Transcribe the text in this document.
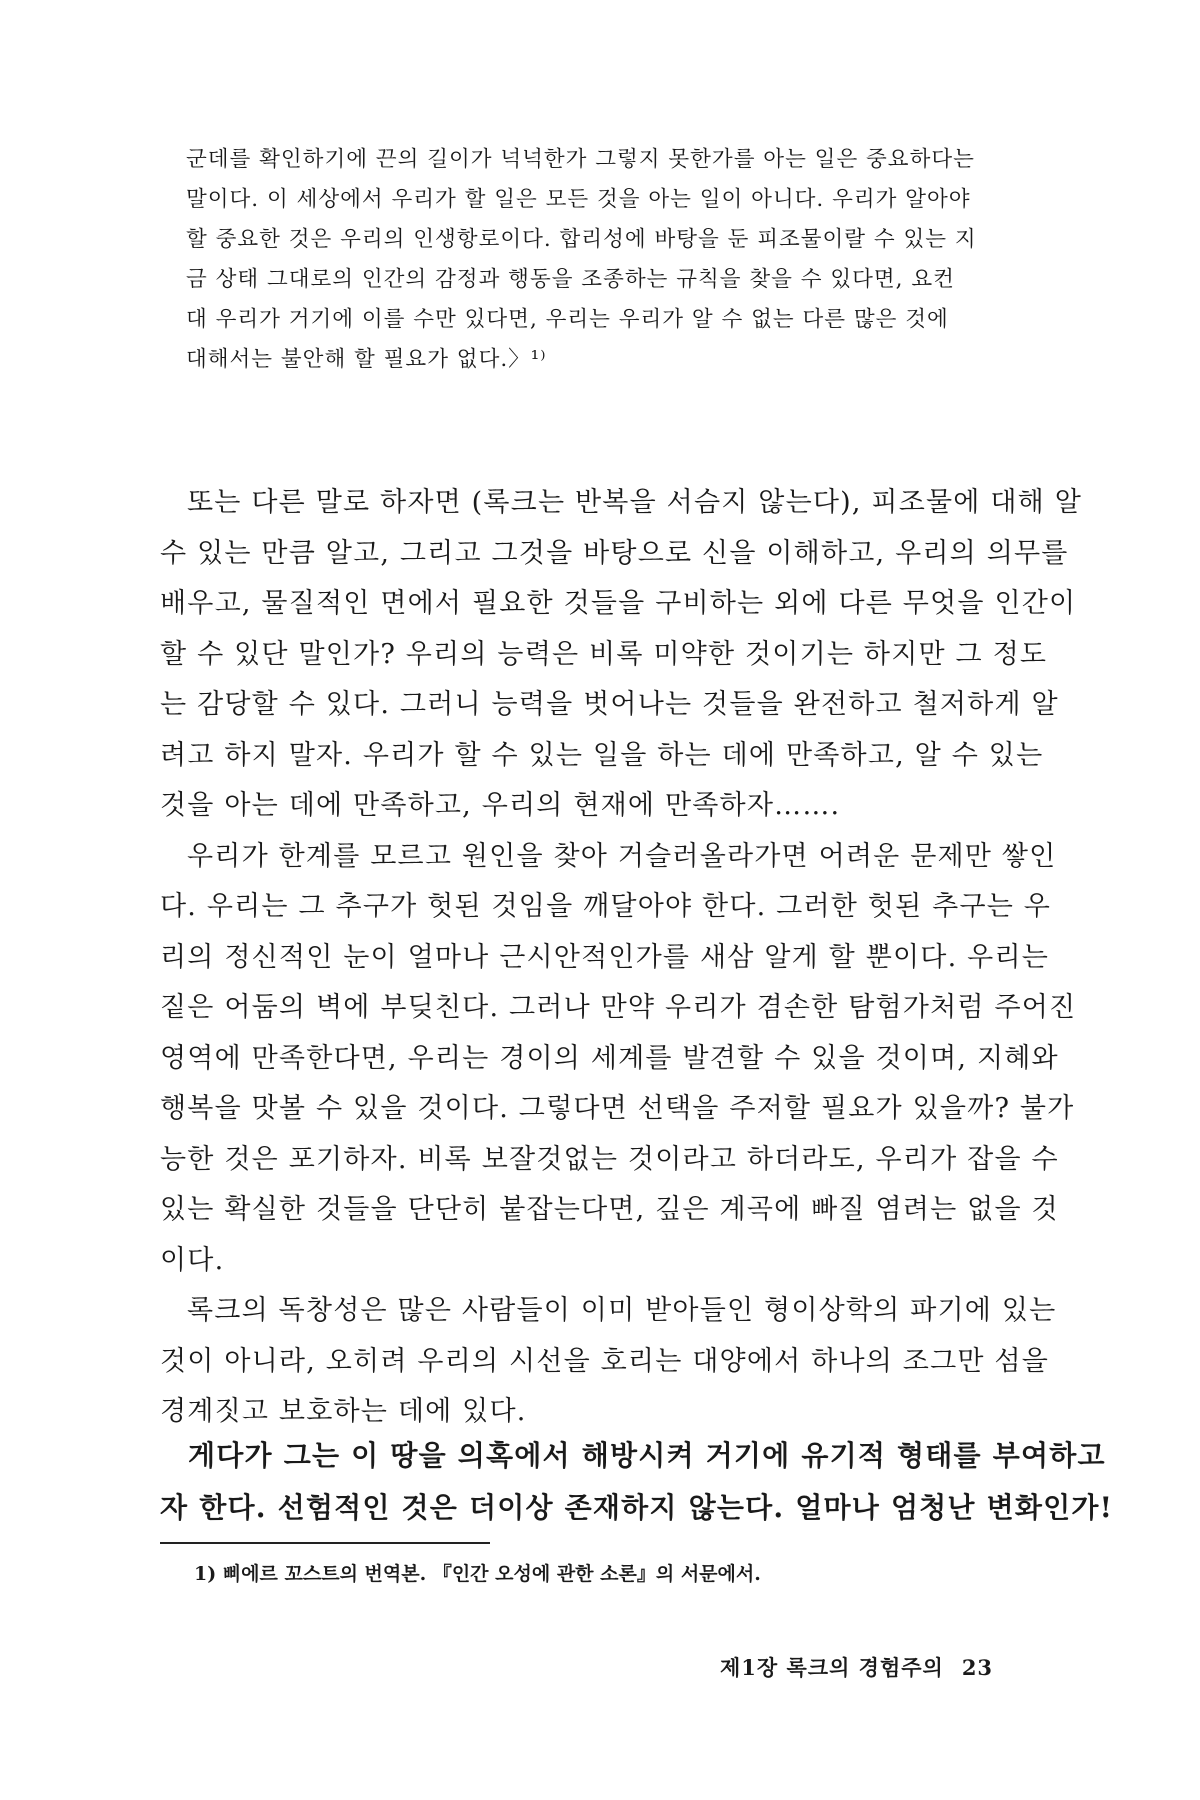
군데를 확인하기에 끈의 길이가 넉넉한가 그렇지 못한가를 아는 일은 중요하다는
말이다. 이 세상에서 우리가 할 일은 모든 것을 아는 일이 아니다. 우리가 알아야
할 중요한 것은 우리의 인생항로이다. 합리성에 바탕을 둔 피조물이랄 수 있는 지
금 상태 그대로의 인간의 감정과 행동을 조종하는 규칙을 찾을 수 있다면, 요컨
대 우리가 거기에 이를 수만 있다면, 우리는 우리가 알 수 없는 다른 많은 것에
대해서는 불안해 할 필요가 없다.〉¹⁾
또는 다른 말로 하자면 (록크는 반복을 서슴지 않는다), 피조물에 대해 알
수 있는 만큼 알고, 그리고 그것을 바탕으로 신을 이해하고, 우리의 의무를
배우고, 물질적인 면에서 필요한 것들을 구비하는 외에 다른 무엇을 인간이
할 수 있단 말인가? 우리의 능력은 비록 미약한 것이기는 하지만 그 정도
는 감당할 수 있다. 그러니 능력을 벗어나는 것들을 완전하고 철저하게 알
려고 하지 말자. 우리가 할 수 있는 일을 하는 데에 만족하고, 알 수 있는
것을 아는 데에 만족하고, 우리의 현재에 만족하자…….
우리가 한계를 모르고 원인을 찾아 거슬러올라가면 어려운 문제만 쌓인
다. 우리는 그 추구가 헛된 것임을 깨달아야 한다. 그러한 헛된 추구는 우
리의 정신적인 눈이 얼마나 근시안적인가를 새삼 알게 할 뿐이다. 우리는
짙은 어둠의 벽에 부딪친다. 그러나 만약 우리가 겸손한 탐험가처럼 주어진
영역에 만족한다면, 우리는 경이의 세계를 발견할 수 있을 것이며, 지혜와
행복을 맛볼 수 있을 것이다. 그렇다면 선택을 주저할 필요가 있을까? 불가
능한 것은 포기하자. 비록 보잘것없는 것이라고 하더라도, 우리가 잡을 수
있는 확실한 것들을 단단히 붙잡는다면, 깊은 계곡에 빠질 염려는 없을 것
이다.
록크의 독창성은 많은 사람들이 이미 받아들인 형이상학의 파기에 있는
것이 아니라, 오히려 우리의 시선을 호리는 대양에서 하나의 조그만 섬을
경계짓고 보호하는 데에 있다.
게다가 그는 이 땅을 의혹에서 해방시켜 거기에 유기적 형태를 부여하고
자 한다. 선험적인 것은 더이상 존재하지 않는다. 얼마나 엄청난 변화인가!
1) 삐에르 꼬스트의 번역본. 『인간 오성에 관한 소론』의 서문에서.
제1장 록크의 경험주의 23
